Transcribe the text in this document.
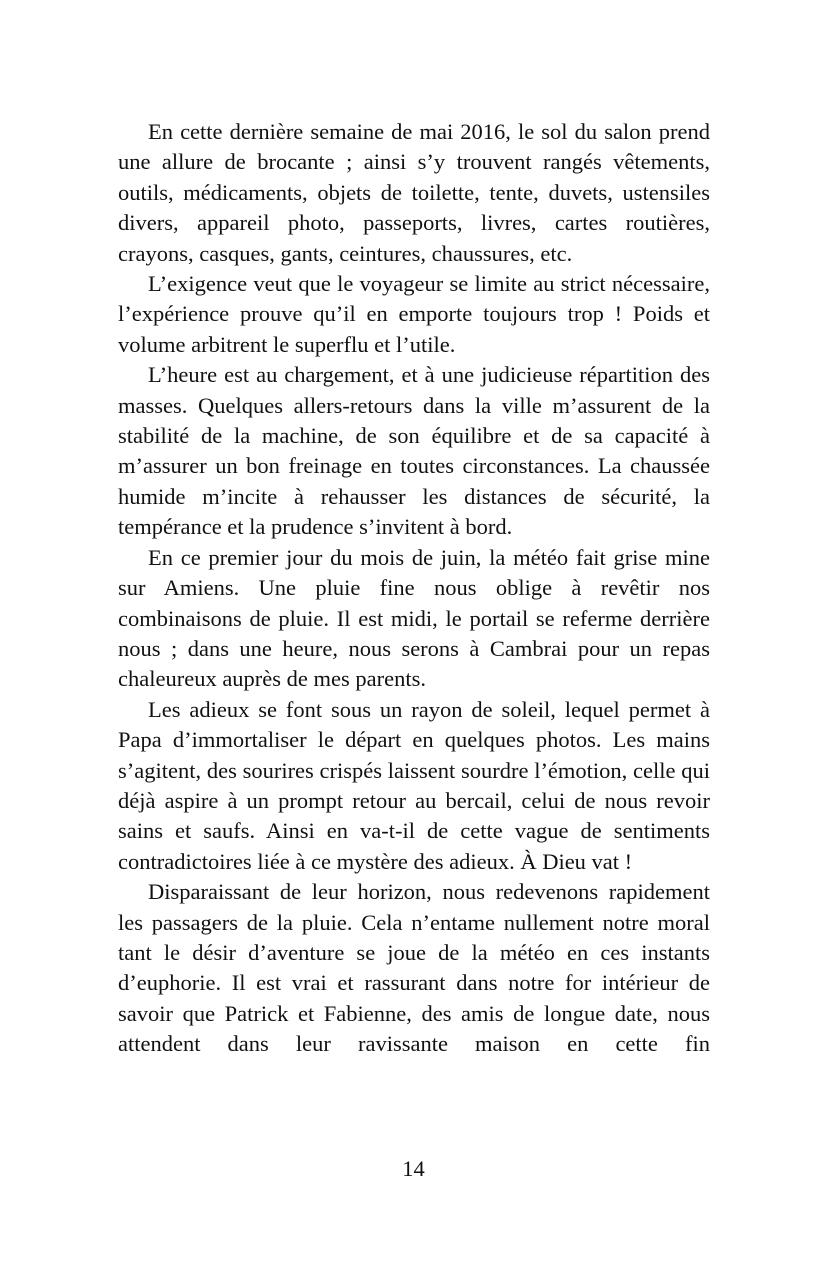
En cette dernière semaine de mai 2016, le sol du salon prend une allure de brocante ; ainsi s’y trouvent rangés vêtements, outils, médicaments, objets de toilette, tente, duvets, ustensiles divers, appareil photo, passeports, livres, cartes routières, crayons, casques, gants, ceintures, chaussures, etc.

L’exigence veut que le voyageur se limite au strict nécessaire, l’expérience prouve qu’il en emporte toujours trop ! Poids et volume arbitrent le superflu et l’utile.

L’heure est au chargement, et à une judicieuse répartition des masses. Quelques allers-retours dans la ville m’assurent de la stabilité de la machine, de son équilibre et de sa capacité à m’assurer un bon freinage en toutes circonstances. La chaussée humide m’incite à rehausser les distances de sécurité, la tempérance et la prudence s’invitent à bord.

En ce premier jour du mois de juin, la météo fait grise mine sur Amiens. Une pluie fine nous oblige à revêtir nos combinaisons de pluie. Il est midi, le portail se referme derrière nous ; dans une heure, nous serons à Cambrai pour un repas chaleureux auprès de mes parents.

Les adieux se font sous un rayon de soleil, lequel permet à Papa d’immortaliser le départ en quelques photos. Les mains s’agitent, des sourires crispés laissent sourdre l’émotion, celle qui déjà aspire à un prompt retour au bercail, celui de nous revoir sains et saufs. Ainsi en va-t-il de cette vague de sentiments contradictoires liée à ce mystère des adieux. À Dieu vat !

Disparaissant de leur horizon, nous redevenons rapidement les passagers de la pluie. Cela n’entame nullement notre moral tant le désir d’aventure se joue de la météo en ces instants d’euphorie. Il est vrai et rassurant dans notre for intérieur de savoir que Patrick et Fabienne, des amis de longue date, nous attendent dans leur ravissante maison en cette fin

14
